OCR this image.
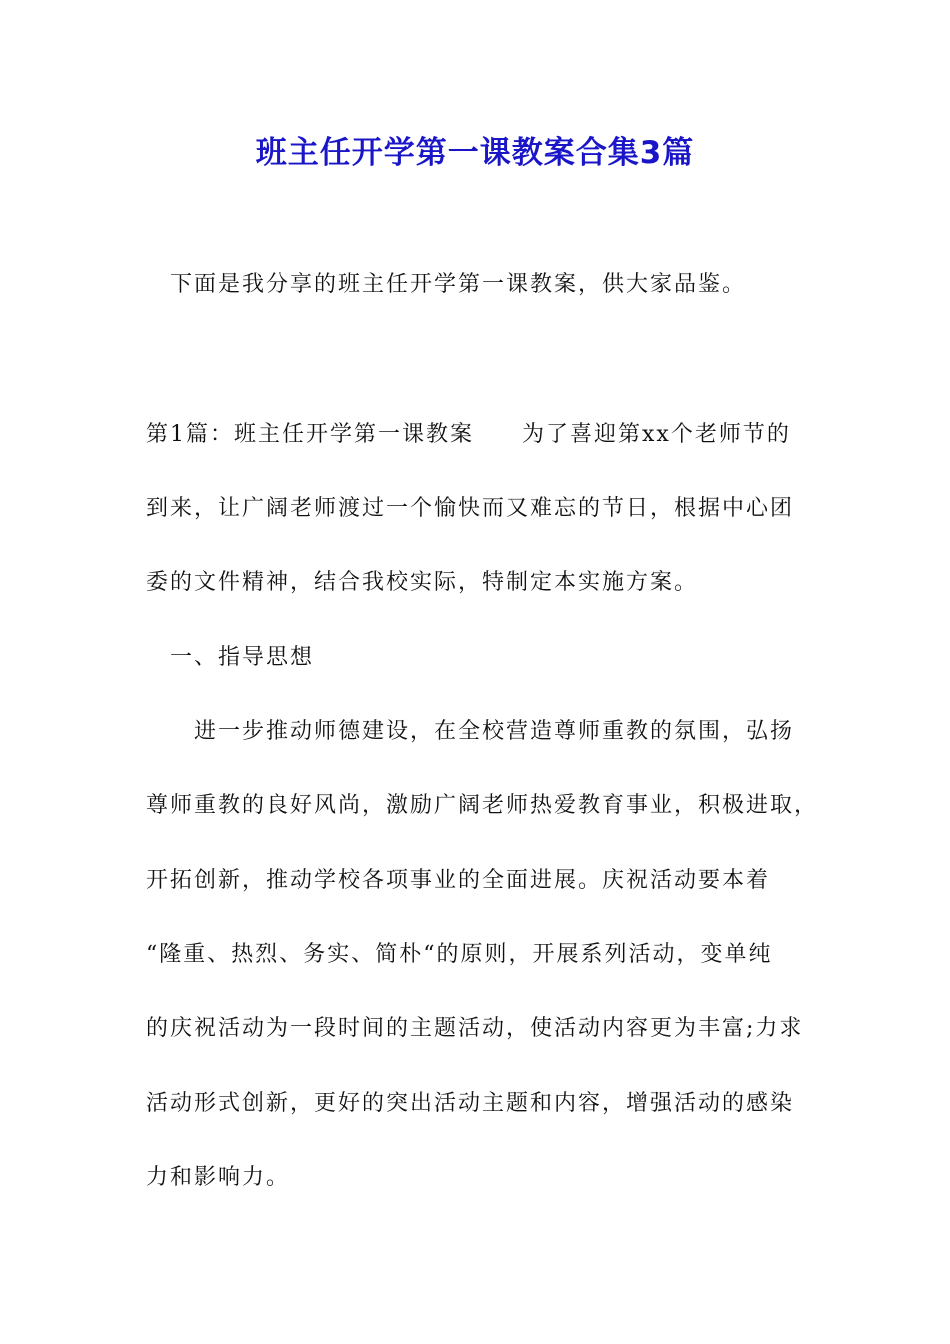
班主任开学第一课教案合集3篇
下面是我分享的班主任开学第一课教案，供大家品鉴。
第1篇：班主任开学第一课教案　　为了喜迎第xx个老师节的
到来，让广阔老师渡过一个愉快而又难忘的节日，根据中心团
委的文件精神，结合我校实际，特制定本实施方案。
一、指导思想
进一步推动师德建设，在全校营造尊师重教的氛围，弘扬
尊师重教的良好风尚，激励广阔老师热爱教育事业，积极进取，
开拓创新，推动学校各项事业的全面进展。庆祝活动要本着
“隆重、热烈、务实、简朴“的原则，开展系列活动，变单纯
的庆祝活动为一段时间的主题活动，使活动内容更为丰富;力求
活动形式创新，更好的突出活动主题和内容，增强活动的感染
力和影响力。
